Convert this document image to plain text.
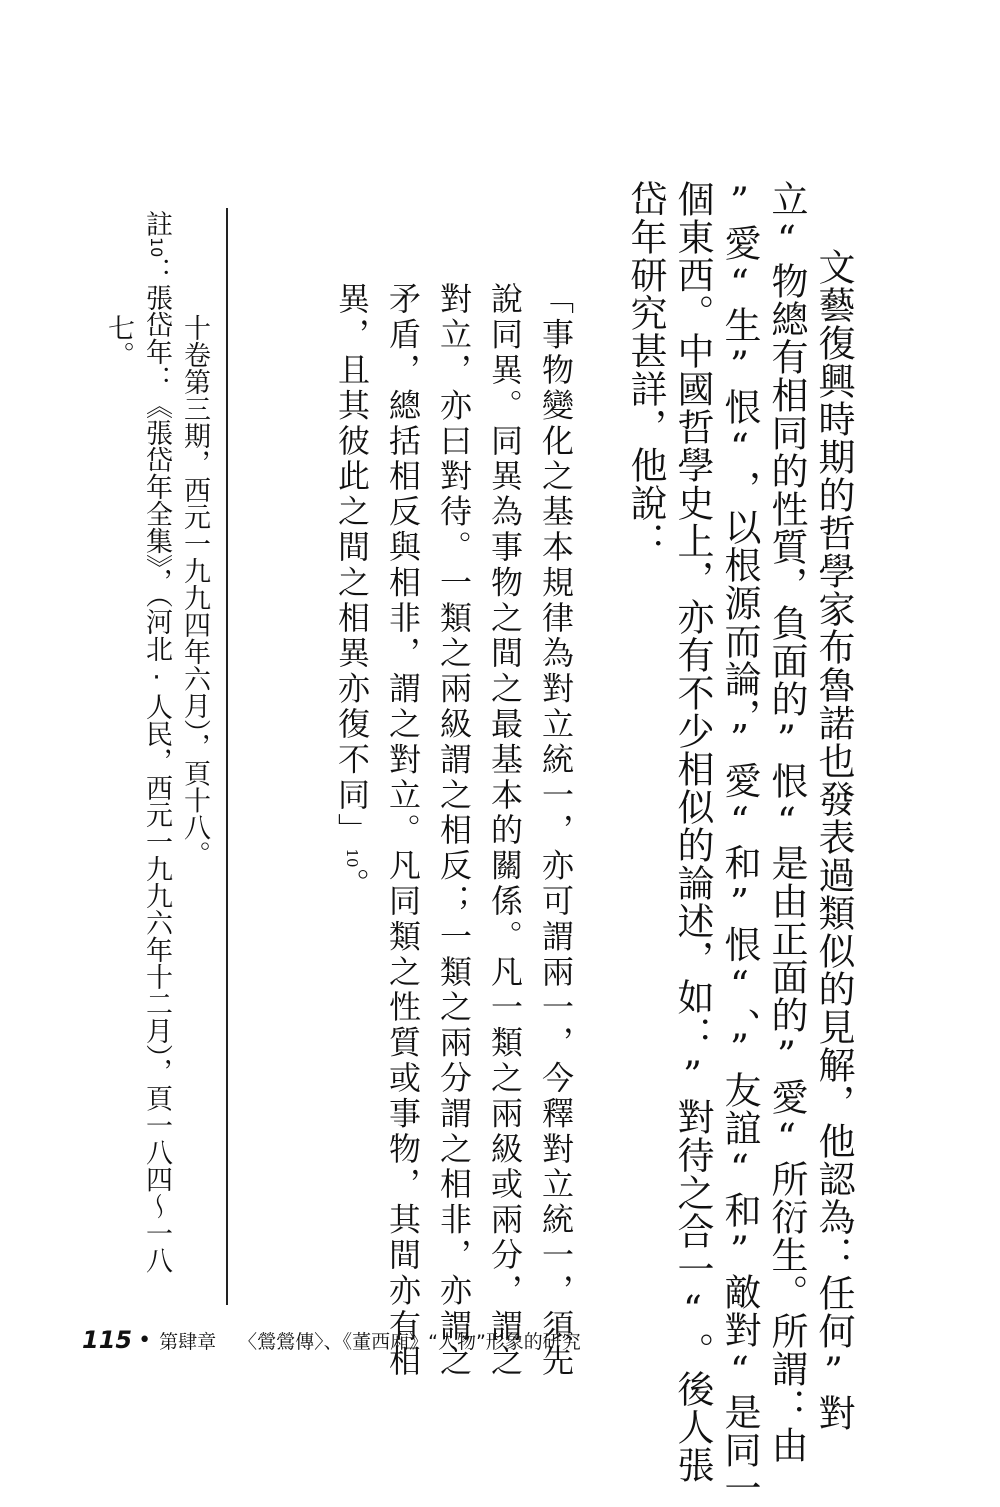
文藝復興時期的哲學家布魯諾也發表過類似的見解，他認為：任何”對
立“物總有相同的性質，負面的”恨“是由正面的”愛“所衍生。所謂：由
”愛“生”恨“，以根源而論，”愛“和”恨“、”友誼“和”敵對“是同一
個東西。中國哲學史上，亦有不少相似的論述，如：”對待之合一“。後人張
岱年研究甚詳，他說：
「事物變化之基本規律為對立統一，亦可謂兩一，今釋對立統一，須先
說同異。同異為事物之間之最基本的關係。凡一類之兩級或兩分，謂之
對立，亦曰對待。一類之兩級謂之相反；一類之兩分謂之相非，亦謂之
矛盾，總括相反與相非，謂之對立。凡同類之性質或事物，其間亦有相
異，且其彼此之間之相異亦復不同」10。
十卷第三期，西元一九九四年六月），頁十八。
註10：張岱年：《張岱年全集》，（河北‧人民，西元一九九六年十二月），頁一八四～一八
七。
115 • 第肆章 〈鶯鶯傳〉、《董西廂》“人物”形象的研究
